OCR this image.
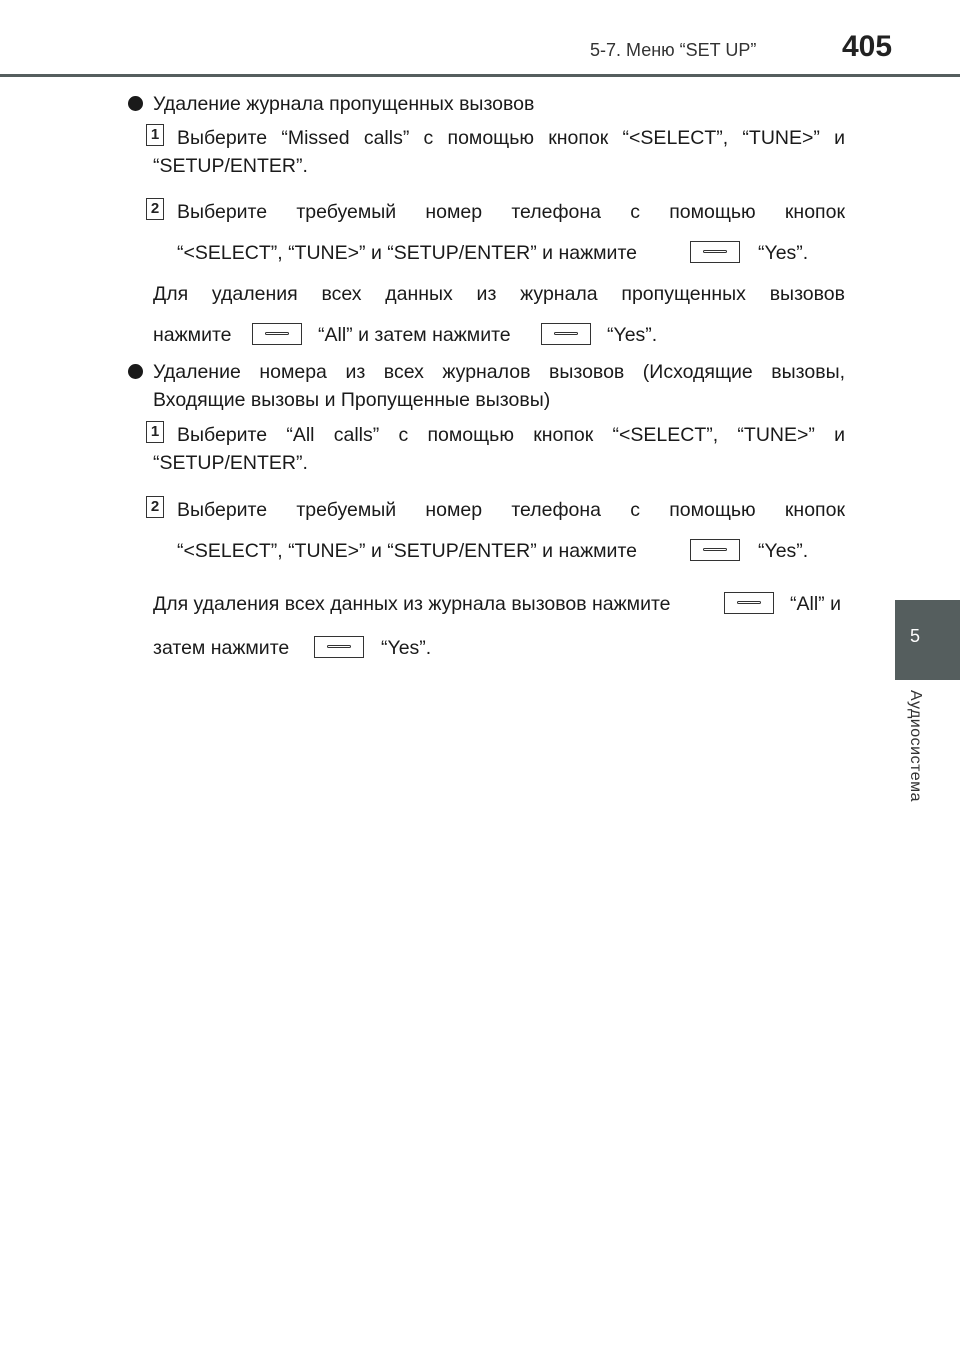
5-7. Меню “SET UP”	405
5
Аудиосистема
Удаление журнала пропущенных вызовов
1 Выберите “Missed calls” с помощью кнопок “<SELECT”, “TUNE>” и
“SETUP/ENTER”.
2 Выберите требуемый номер телефона с помощью кнопок
“<SELECT”, “TUNE>” и “SETUP/ENTER” и нажмите	“Yes”.
Для удаления всех данных из журнала пропущенных вызовов
нажмите	“All” и затем нажмите	“Yes”.
Удаление номера из всех журналов вызовов (Исходящие вызовы,
Входящие вызовы и Пропущенные вызовы)
1 Выберите “All calls” с помощью кнопок “<SELECT”, “TUNE>” и
“SETUP/ENTER”.
2 Выберите требуемый номер телефона с помощью кнопок
“<SELECT”, “TUNE>” и “SETUP/ENTER” и нажмите	“Yes”.
Для удаления всех данных из журнала вызовов нажмите	“All” и
затем нажмите	“Yes”.
